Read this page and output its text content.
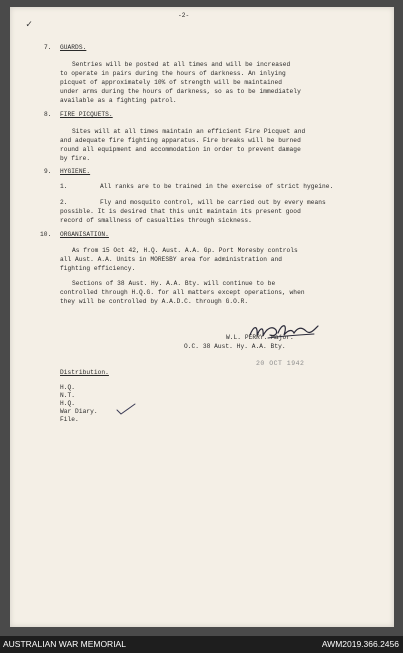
-2-
✓
7. GUARDS.
Sentries will be posted at all times and will be increased
to operate in pairs during the hours of darkness. An inlying
picquet of approximately 10% of strength will be maintained
under arms during the hours of darkness, so as to be immediately
available as a fighting patrol.
8. FIRE PICQUETS.
Sites will at all times maintain an efficient Fire Picquet and
and adequate fire fighting apparatus. Fire breaks will be burned
round all equipment and accommodation in order to prevent damage
by fire.
9. HYGIENE.
1.	All ranks are to be trained in the exercise of strict hygeine.
2.	Fly and mosquito control, will be carried out by every means
possible. It is desired that this unit maintain its present good
record of smallness of casualties through sickness.
10. ORGANISATION.
As from 15 Oct 42, H.Q. Aust. A.A. Gp. Port Moresby controls
all Aust. A.A. Units in MORESBY area for administration and
fighting efficiency.
Sections of 38 Aust. Hy. A.A. Bty. will continue to be
controlled through H.Q.G. for all matters except operations, when
they will be controlled by A.A.D.C. through G.O.R.
W.L. PERRY. Major.
O.C. 38 Aust. Hy. A.A. Bty.
20 OCT 1942
Distribution.
H.Q.
N.T.
H.Q.
War Diary.
File.
AUSTRALIAN WAR MEMORIAL	AWM2019.366.2456
